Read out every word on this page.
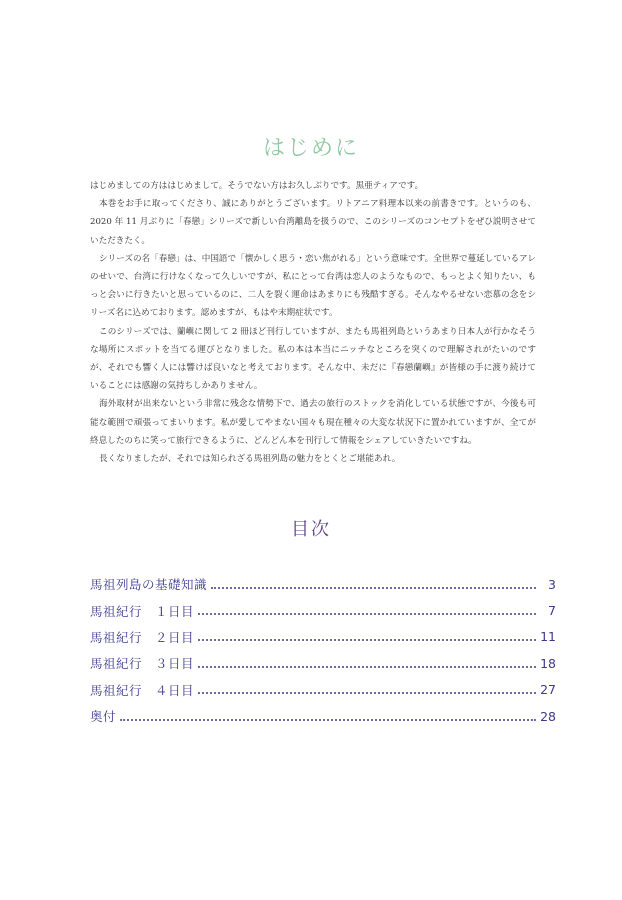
はじめに

はじめましての方ははじめまして。そうでない方はお久しぶりです。黒亜ティアです。

本巻をお手に取ってくださり、誠にありがとうございます。リトアニア料理本以来の前書きです。というのも、2020 年 11 月ぶりに「春戀」シリーズで新しい台湾離島を扱うので、このシリーズのコンセプトをぜひ説明させていただきたく。

シリーズの名「春戀」は、中国語で「懐かしく思う・恋い焦がれる」という意味です。全世界で蔓延しているアレのせいで、台湾に行けなくなって久しいですが、私にとって台湾は恋人のようなもので、もっとよく知りたい、もっと会いに行きたいと思っているのに、二人を裂く運命はあまりにも残酷すぎる。そんなやるせない恋慕の念をシリーズ名に込めております。認めますが、もはや末期症状です。

このシリーズでは、蘭嶼に関して 2 冊ほど刊行していますが、またも馬祖列島というあまり日本人が行かなそうな場所にスポットを当てる運びとなりました。私の本は本当にニッチなところを突くので理解されがたいのですが、それでも響く人には響けば良いなと考えております。そんな中、未だに『春戀蘭嶼』が皆様の手に渡り続けていることには感謝の気持ちしかありません。

海外取材が出来ないという非常に残念な情勢下で、過去の旅行のストックを消化している状態ですが、今後も可能な範囲で頑張ってまいります。私が愛してやまない国々も現在種々の大変な状況下に置かれていますが、全てが終息したのちに笑って旅行できるように、どんどん本を刊行して情報をシェアしていきたいですね。

長くなりましたが、それでは知られざる馬祖列島の魅力をとくとご堪能あれ。

目次
馬祖列島の基礎知識	3
馬祖紀行　１日目	7
馬祖紀行　２日目	11
馬祖紀行　３日目	18
馬祖紀行　４日目	27
奥付	28
